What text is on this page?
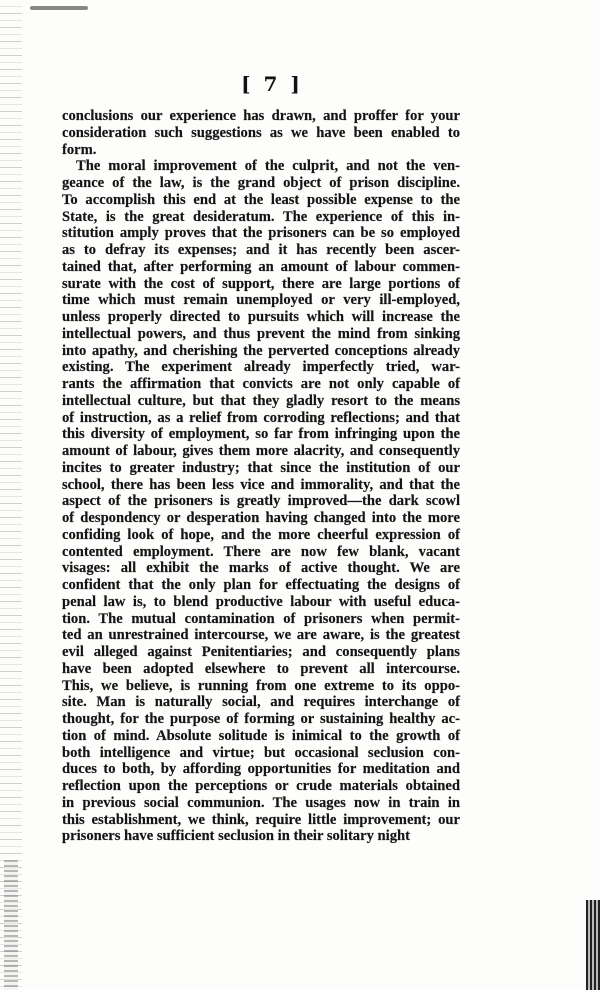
[ 7 ]
conclusions our experience has drawn, and proffer for your
consideration such suggestions as we have been enabled to
form.
The moral improvement of the culprit, and not the ven-
geance of the law, is the grand object of prison discipline.
To accomplish this end at the least possible expense to the
State, is the great desideratum. The experience of this in-
stitution amply proves that the prisoners can be so employed
as to defray its expenses; and it has recently been ascer-
tained that, after performing an amount of labour commen-
surate with the cost of support, there are large portions of
time which must remain unemployed or very ill-employed,
unless properly directed to pursuits which will increase the
intellectual powers, and thus prevent the mind from sinking
into apathy, and cherishing the perverted conceptions already
existing. The experiment already imperfectly tried, war-
rants the affirmation that convicts are not only capable of
intellectual culture, but that they gladly resort to the means
of instruction, as a relief from corroding reflections; and that
this diversity of employment, so far from infringing upon the
amount of labour, gives them more alacrity, and consequently
incites to greater industry; that since the institution of our
school, there has been less vice and immorality, and that the
aspect of the prisoners is greatly improved—the dark scowl
of despondency or desperation having changed into the more
confiding look of hope, and the more cheerful expression of
contented employment. There are now few blank, vacant
visages: all exhibit the marks of active thought. We are
confident that the only plan for effectuating the designs of
penal law is, to blend productive labour with useful educa-
tion. The mutual contamination of prisoners when permit-
ted an unrestrained intercourse, we are aware, is the greatest
evil alleged against Penitentiaries; and consequently plans
have been adopted elsewhere to prevent all intercourse.
This, we believe, is running from one extreme to its oppo-
site. Man is naturally social, and requires interchange of
thought, for the purpose of forming or sustaining healthy ac-
tion of mind. Absolute solitude is inimical to the growth of
both intelligence and virtue; but occasional seclusion con-
duces to both, by affording opportunities for meditation and
reflection upon the perceptions or crude materials obtained
in previous social communion. The usages now in train in
this establishment, we think, require little improvement; our
prisoners have sufficient seclusion in their solitary night
